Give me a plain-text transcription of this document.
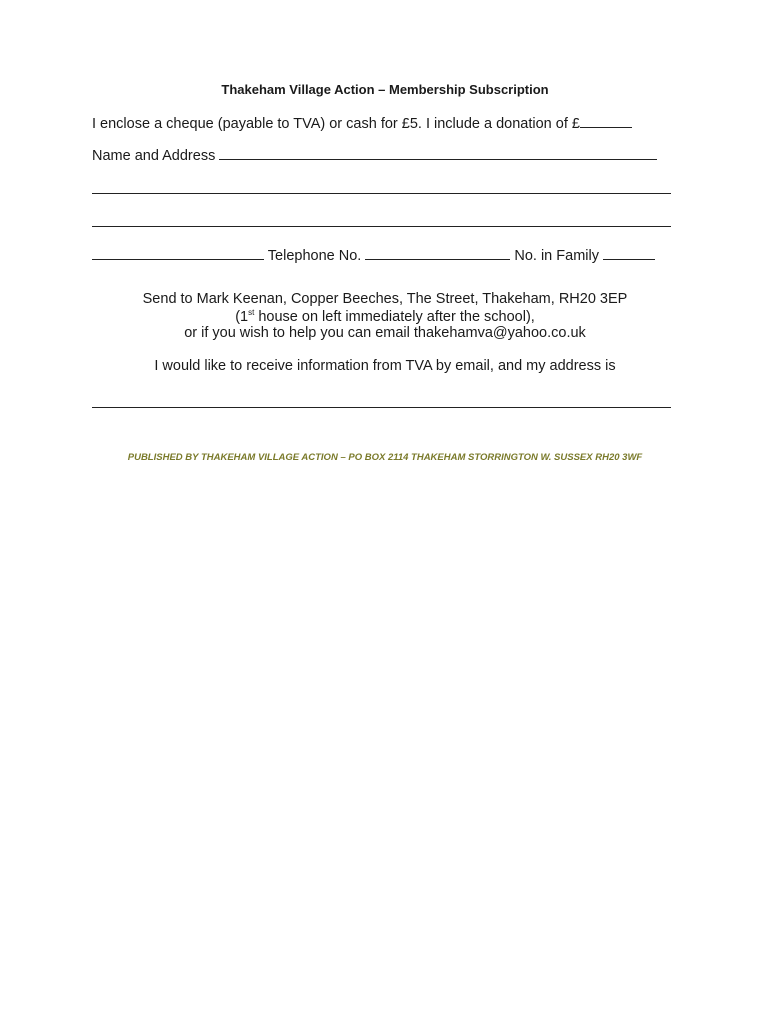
Thakeham Village Action – Membership Subscription
I enclose a cheque (payable to TVA) or cash for £5. I include a donation of £
Name and Address
Telephone No.	No. in Family
Send to Mark Keenan, Copper Beeches, The Street, Thakeham, RH20 3EP
(1st house on left immediately after the school),
or if you wish to help you can email thakehamva@yahoo.co.uk
I would like to receive information from TVA by email, and my address is
PUBLISHED BY THAKEHAM VILLAGE ACTION – PO BOX 2114 THAKEHAM STORRINGTON W. SUSSEX RH20 3WF
